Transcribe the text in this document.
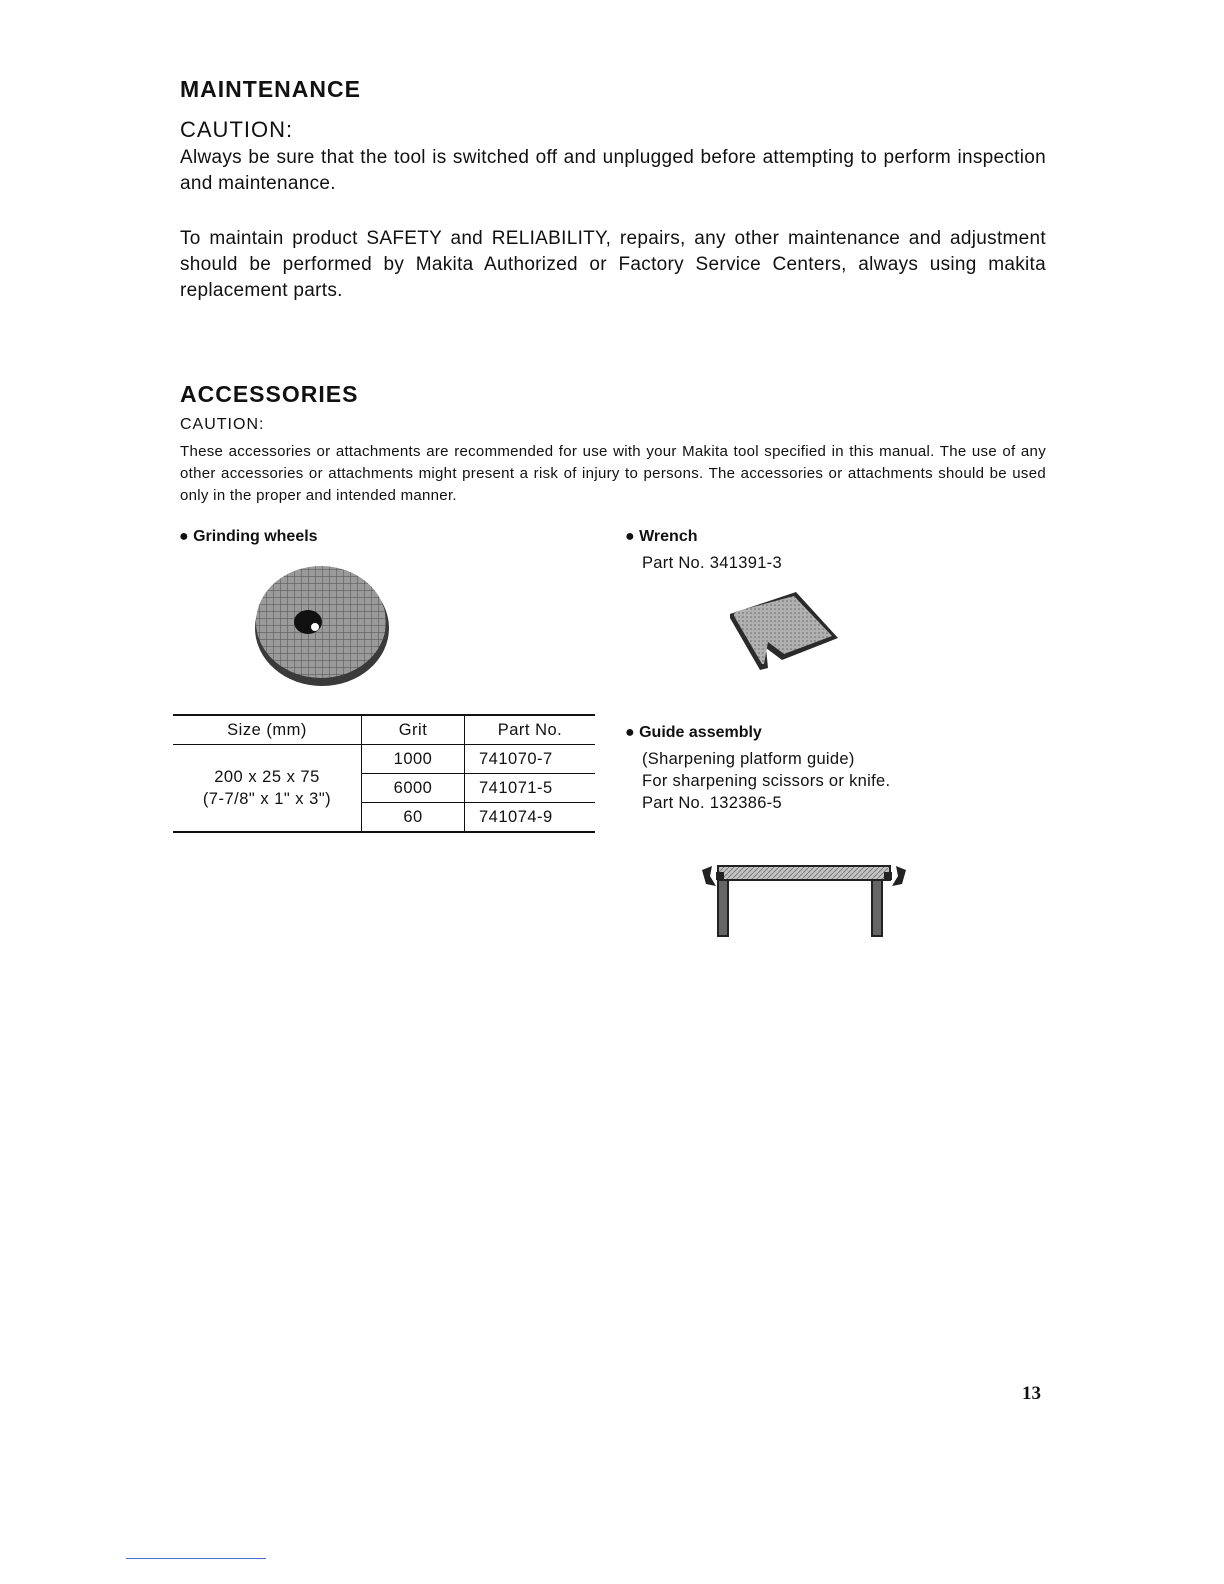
MAINTENANCE
CAUTION:
Always be sure that the tool is switched off and unplugged before attempting to perform inspection and maintenance.
To maintain product SAFETY and RELIABILITY, repairs, any other maintenance and adjustment should be performed by Makita Authorized or Factory Service Centers, always using makita replacement parts.
ACCESSORIES
CAUTION:
These accessories or attachments are recommended for use with your Makita tool specified in this manual. The use of any other accessories or attachments might present a risk of injury to persons. The accessories or attachments should be used only in the proper and intended manner.
● Grinding wheels
Size (mm)	Grit	Part No.

200 x 25 x 75
(7-7/8" x 1" x 3")	1000	741070-7
	6000	741071-5
	60	741074-9
● Wrench
Part No. 341391-3
● Guide assembly
(Sharpening platform guide)
For sharpening scissors or knife.
Part No. 132386-5
13
